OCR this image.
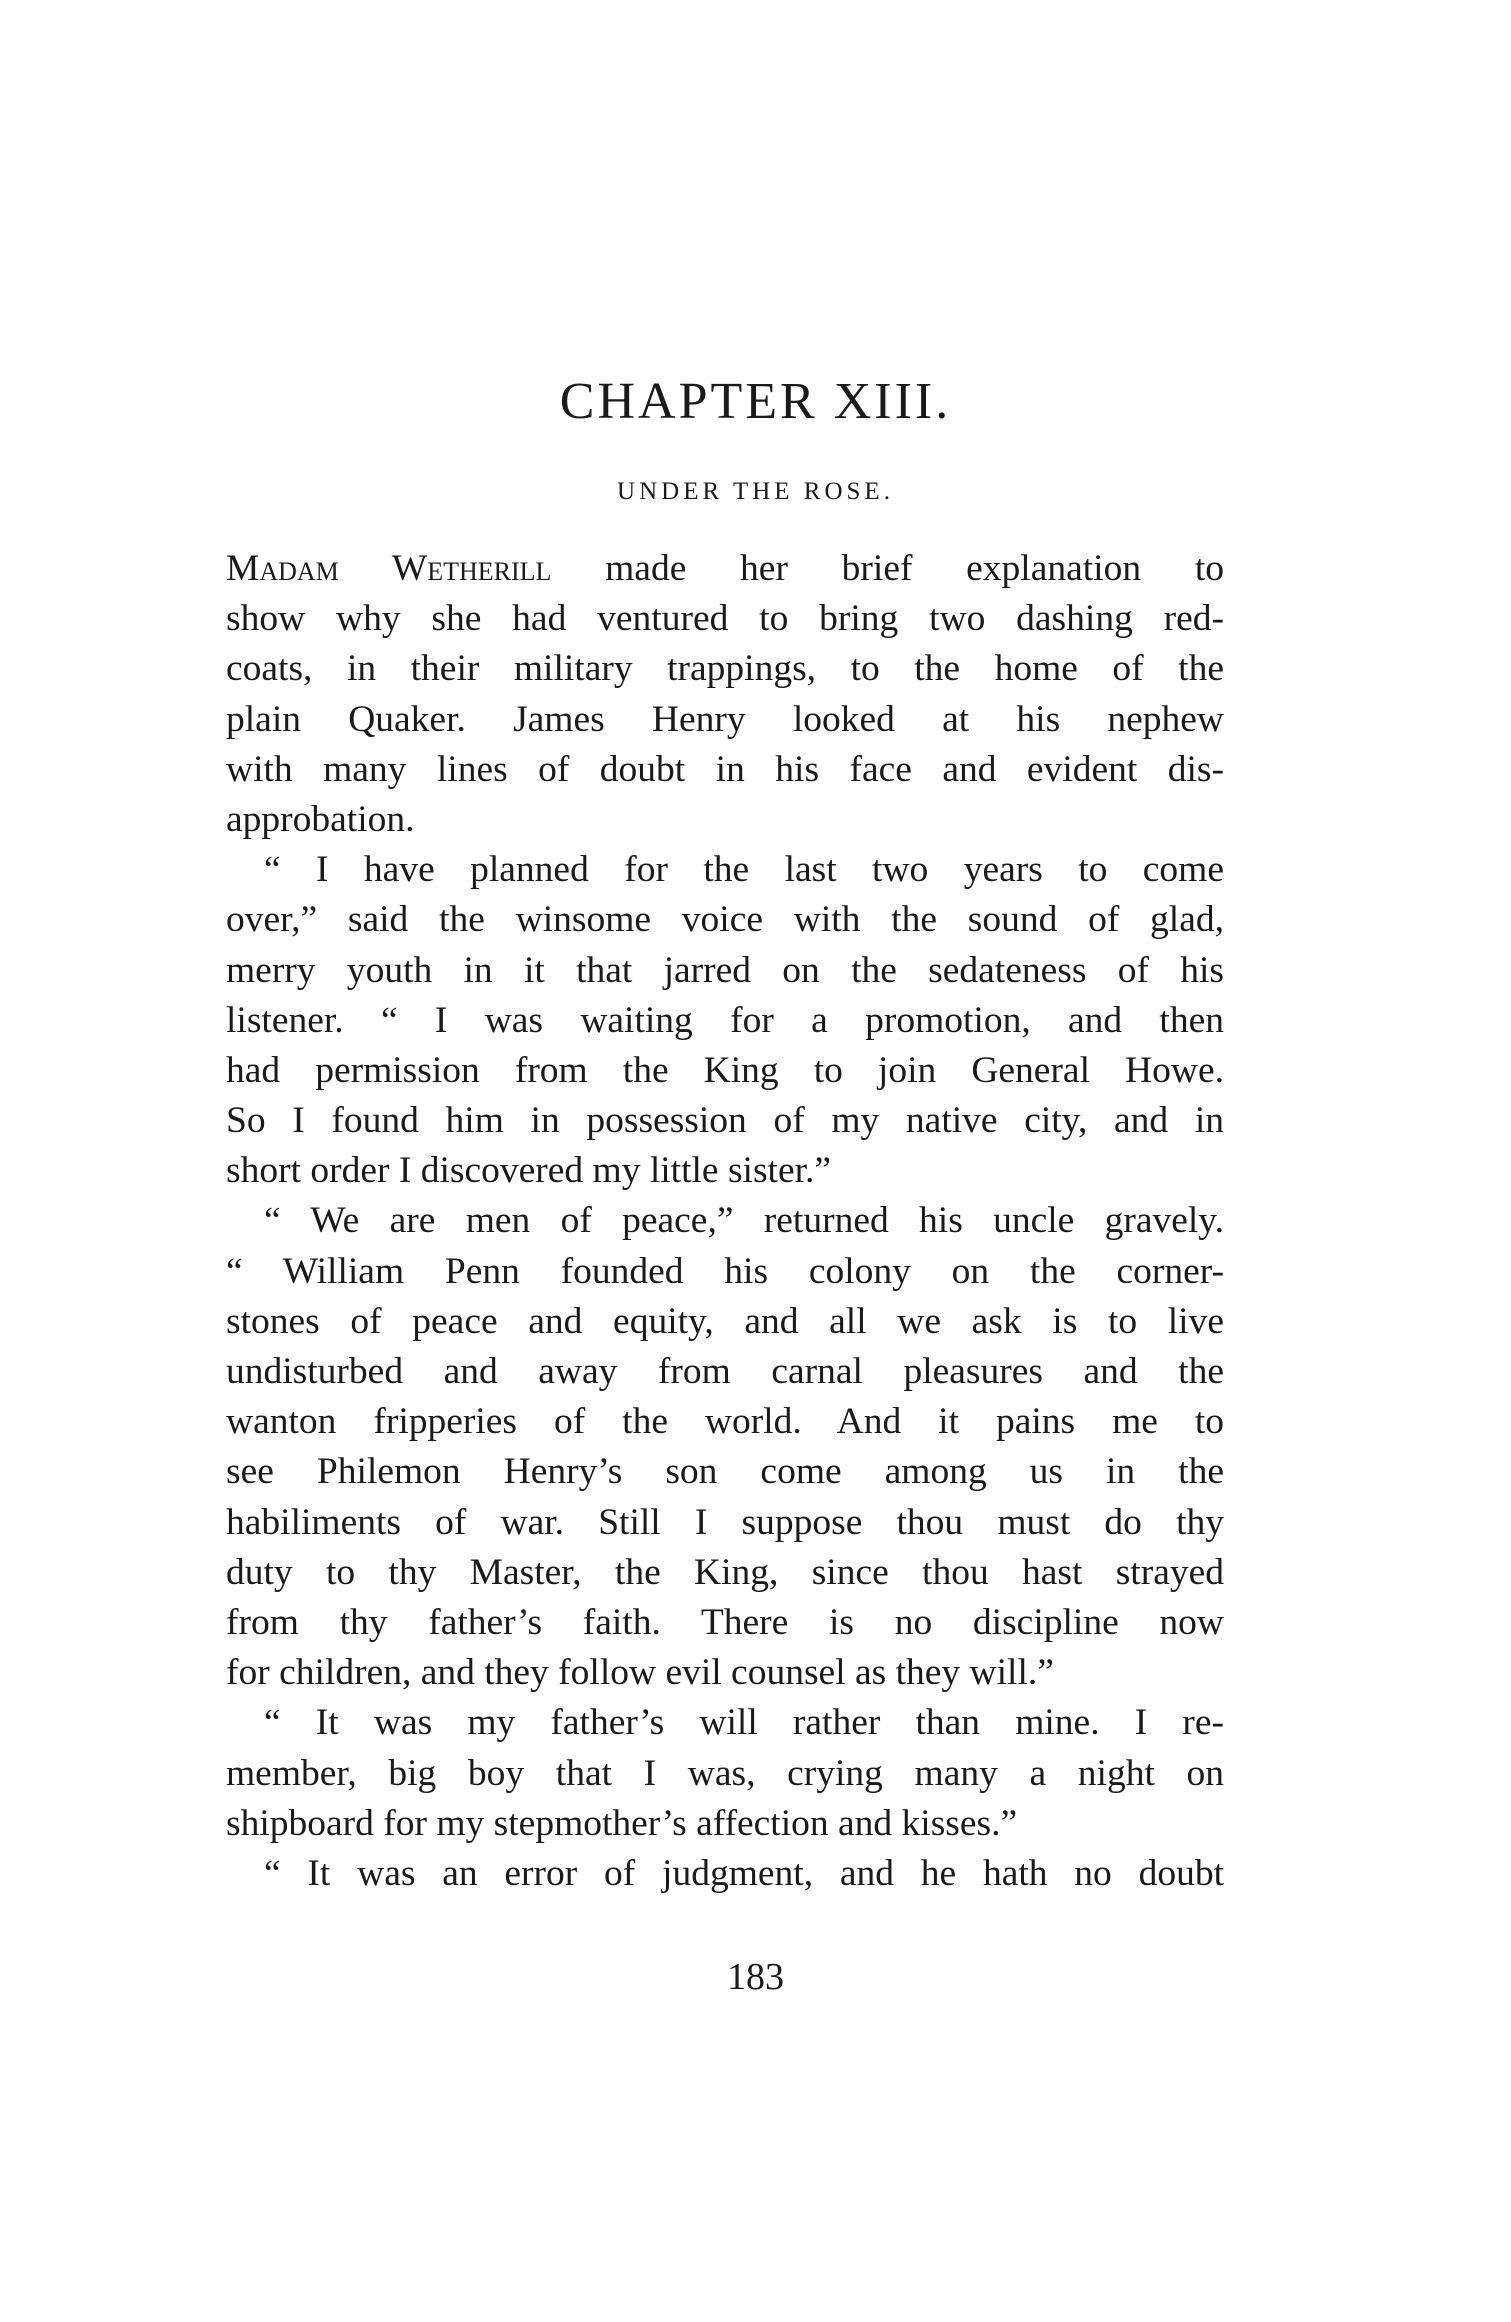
CHAPTER XIII.
UNDER THE ROSE.
Madam Wetherill made her brief explanation to
show why she had ventured to bring two dashing red-
coats, in their military trappings, to the home of the
plain Quaker. James Henry looked at his nephew
with many lines of doubt in his face and evident dis-
approbation.
“ I have planned for the last two years to come
over,” said the winsome voice with the sound of glad,
merry youth in it that jarred on the sedateness of his
listener. “ I was waiting for a promotion, and then
had permission from the King to join General Howe.
So I found him in possession of my native city, and in
short order I discovered my little sister.”
“ We are men of peace,” returned his uncle gravely.
“ William Penn founded his colony on the corner-
stones of peace and equity, and all we ask is to live
undisturbed and away from carnal pleasures and the
wanton fripperies of the world. And it pains me to
see Philemon Henry’s son come among us in the
habiliments of war. Still I suppose thou must do thy
duty to thy Master, the King, since thou hast strayed
from thy father’s faith. There is no discipline now
for children, and they follow evil counsel as they will.”
“ It was my father’s will rather than mine. I re-
member, big boy that I was, crying many a night on
shipboard for my stepmother’s affection and kisses.”
“ It was an error of judgment, and he hath no doubt

183
